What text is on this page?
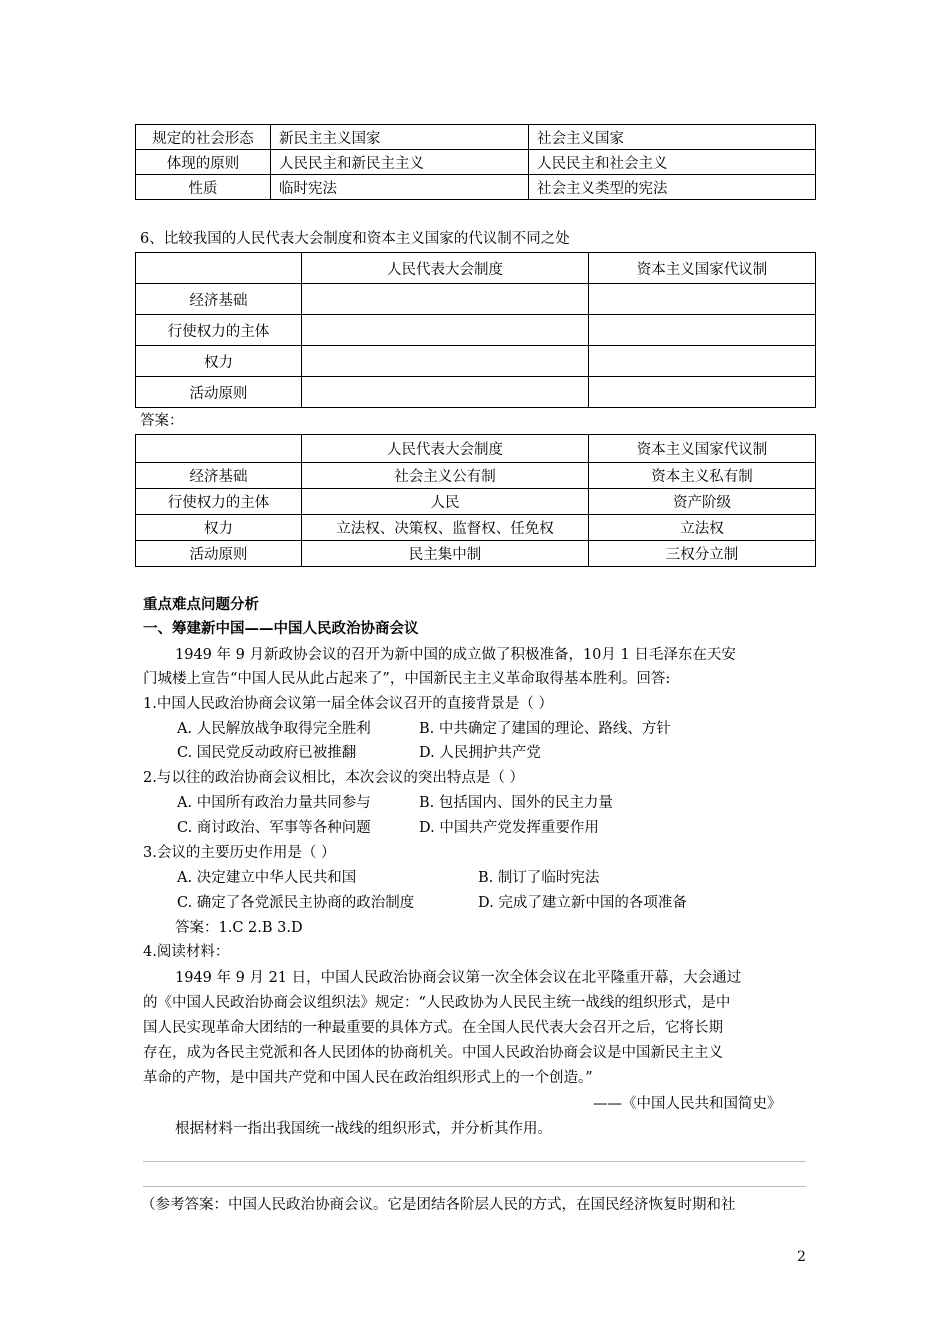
规定的社会形态	新民主主义国家	社会主义国家
体现的原则	人民民主和新民主主义	人民民主和社会主义
性质	临时宪法	社会主义类型的宪法
6、比较我国的人民代表大会制度和资本主义国家的代议制不同之处
	人民代表大会制度	资本主义国家代议制
经济基础		
行使权力的主体		
权力		
活动原则		
答案：
	人民代表大会制度	资本主义国家代议制
经济基础	社会主义公有制	资本主义私有制
行使权力的主体	人民	资产阶级
权力	立法权、决策权、监督权、任免权	立法权
活动原则	民主集中制	三权分立制
重点难点问题分析
一、筹建新中国——中国人民政治协商会议
1949 年 9 月新政协会议的召开为新中国的成立做了积极准备，10月 1 日毛泽东在天安
门城楼上宣告“中国人民从此占起来了”，中国新民主主义革命取得基本胜利。回答:
1.中国人民政治协商会议第一届全体会议召开的直接背景是（ ）
A. 人民解放战争取得完全胜利	B. 中共确定了建国的理论、路线、方针
C. 国民党反动政府已被推翻	D. 人民拥护共产党
2.与以往的政治协商会议相比，本次会议的突出特点是（ ）
A. 中国所有政治力量共同参与	B. 包括国内、国外的民主力量
C. 商讨政治、军事等各种问题	D. 中国共产党发挥重要作用
3.会议的主要历史作用是（ ）
A. 决定建立中华人民共和国	B. 制订了临时宪法
C. 确定了各党派民主协商的政治制度	D. 完成了建立新中国的各项准备
答案：1.C 2.B 3.D
4.阅读材料：
1949 年 9 月 21 日，中国人民政治协商会议第一次全体会议在北平隆重开幕，大会通过
的《中国人民政治协商会议组织法》规定：“人民政协为人民民主统一战线的组织形式，是中
国人民实现革命大团结的一种最重要的具体方式。在全国人民代表大会召开之后，它将长期
存在，成为各民主党派和各人民团体的协商机关。中国人民政治协商会议是中国新民主主义
革命的产物，是中国共产党和中国人民在政治组织形式上的一个创造。”
——《中国人民共和国简史》
根据材料一指出我国统一战线的组织形式，并分析其作用。
（参考答案：中国人民政治协商会议。它是团结各阶层人民的方式，在国民经济恢复时期和社
2
